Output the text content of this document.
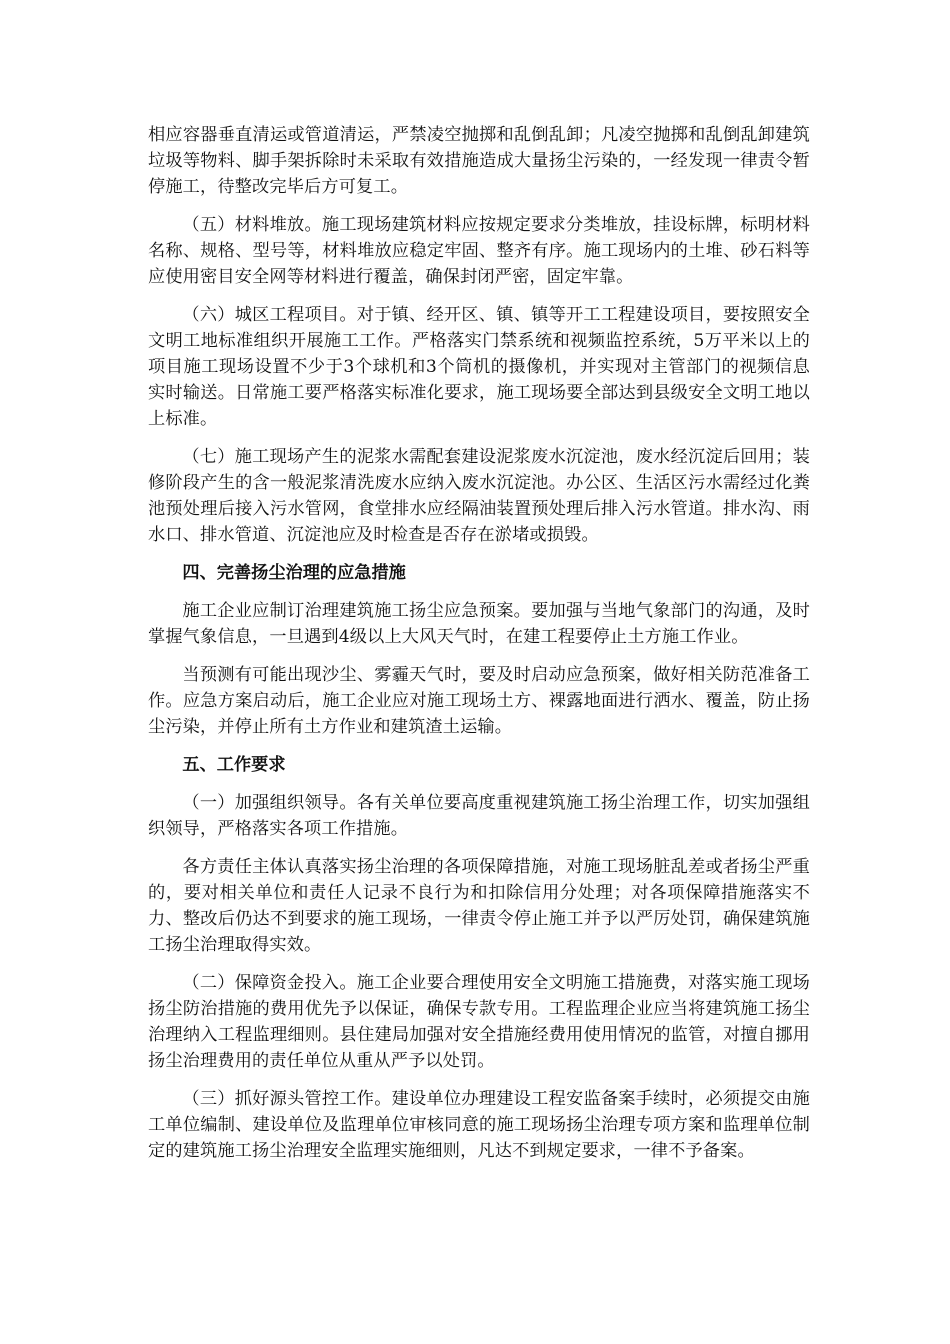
相应容器垂直清运或管道清运，严禁凌空抛掷和乱倒乱卸；凡凌空抛掷和乱倒乱卸建筑垃圾等物料、脚手架拆除时未采取有效措施造成大量扬尘污染的，一经发现一律责令暂停施工，待整改完毕后方可复工。

（五）材料堆放。施工现场建筑材料应按规定要求分类堆放，挂设标牌，标明材料名称、规格、型号等，材料堆放应稳定牢固、整齐有序。施工现场内的土堆、砂石料等应使用密目安全网等材料进行覆盖，确保封闭严密，固定牢靠。

（六）城区工程项目。对于镇、经开区、镇、镇等开工工程建设项目，要按照安全文明工地标准组织开展施工工作。严格落实门禁系统和视频监控系统，5万平米以上的项目施工现场设置不少于3个球机和3个筒机的摄像机，并实现对主管部门的视频信息实时输送。日常施工要严格落实标准化要求，施工现场要全部达到县级安全文明工地以上标准。

（七）施工现场产生的泥浆水需配套建设泥浆废水沉淀池，废水经沉淀后回用；装修阶段产生的含一般泥浆清洗废水应纳入废水沉淀池。办公区、生活区污水需经过化粪池预处理后接入污水管网，食堂排水应经隔油装置预处理后排入污水管道。排水沟、雨水口、排水管道、沉淀池应及时检查是否存在淤堵或损毁。

四、完善扬尘治理的应急措施

施工企业应制订治理建筑施工扬尘应急预案。要加强与当地气象部门的沟通，及时掌握气象信息，一旦遇到4级以上大风天气时，在建工程要停止土方施工作业。

当预测有可能出现沙尘、雾霾天气时，要及时启动应急预案，做好相关防范准备工作。应急方案启动后，施工企业应对施工现场土方、裸露地面进行洒水、覆盖，防止扬尘污染，并停止所有土方作业和建筑渣土运输。

五、工作要求

（一）加强组织领导。各有关单位要高度重视建筑施工扬尘治理工作，切实加强组织领导，严格落实各项工作措施。

各方责任主体认真落实扬尘治理的各项保障措施，对施工现场脏乱差或者扬尘严重的，要对相关单位和责任人记录不良行为和扣除信用分处理；对各项保障措施落实不力、整改后仍达不到要求的施工现场，一律责令停止施工并予以严厉处罚，确保建筑施工扬尘治理取得实效。

（二）保障资金投入。施工企业要合理使用安全文明施工措施费，对落实施工现场扬尘防治措施的费用优先予以保证，确保专款专用。工程监理企业应当将建筑施工扬尘治理纳入工程监理细则。县住建局加强对安全措施经费用使用情况的监管，对擅自挪用扬尘治理费用的责任单位从重从严予以处罚。

（三）抓好源头管控工作。建设单位办理建设工程安监备案手续时，必须提交由施工单位编制、建设单位及监理单位审核同意的施工现场扬尘治理专项方案和监理单位制定的建筑施工扬尘治理安全监理实施细则，凡达不到规定要求，一律不予备案。
